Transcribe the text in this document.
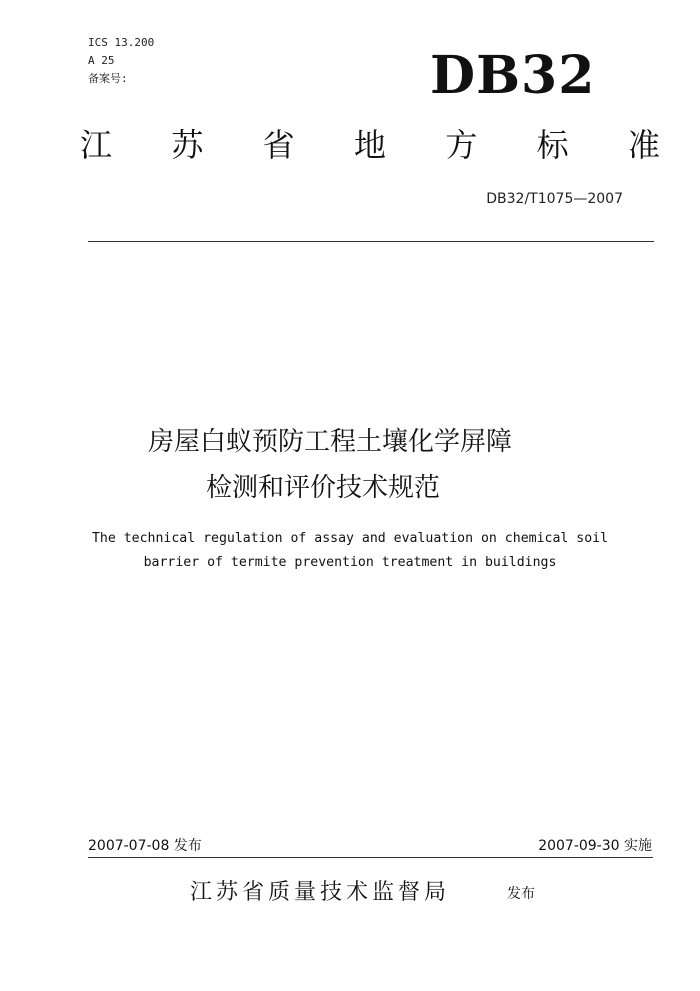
ICS 13.200
A 25
备案号:	DB32
江 苏 省 地 方 标 准
DB32/T1075—2007
房屋白蚁预防工程土壤化学屏障
检测和评价技术规范
The technical regulation of assay and evaluation on chemical soil
barrier of termite prevention treatment in buildings
2007-07-08 发布	2007-09-30 实施
江苏省质量技术监督局	发布
